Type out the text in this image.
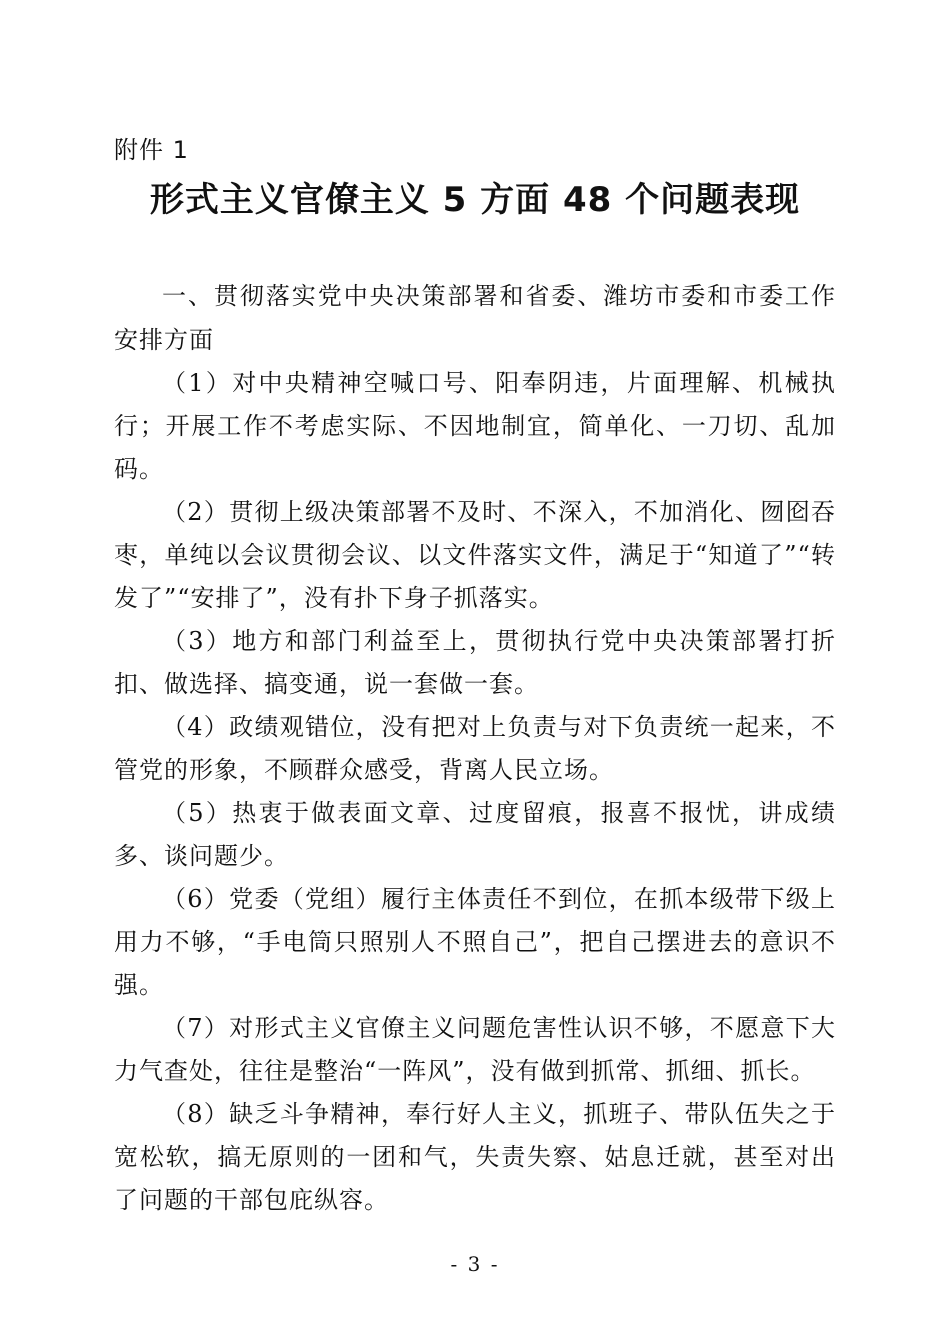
附件 1
形式主义官僚主义 5 方面 48 个问题表现

一、贯彻落实党中央决策部署和省委、潍坊市委和市委工作安排方面

（1）对中央精神空喊口号、阳奉阴违，片面理解、机械执行；开展工作不考虑实际、不因地制宜，简单化、一刀切、乱加码。

（2）贯彻上级决策部署不及时、不深入，不加消化、囫囵吞枣，单纯以会议贯彻会议、以文件落实文件，满足于“知道了”“转发了”“安排了”，没有扑下身子抓落实。

（3）地方和部门利益至上，贯彻执行党中央决策部署打折扣、做选择、搞变通，说一套做一套。

（4）政绩观错位，没有把对上负责与对下负责统一起来，不管党的形象，不顾群众感受，背离人民立场。

（5）热衷于做表面文章、过度留痕，报喜不报忧，讲成绩多、谈问题少。

（6）党委（党组）履行主体责任不到位，在抓本级带下级上用力不够，“手电筒只照别人不照自己”，把自己摆进去的意识不强。

（7）对形式主义官僚主义问题危害性认识不够，不愿意下大力气查处，往往是整治“一阵风”，没有做到抓常、抓细、抓长。

（8）缺乏斗争精神，奉行好人主义，抓班子、带队伍失之于宽松软，搞无原则的一团和气，失责失察、姑息迁就，甚至对出了问题的干部包庇纵容。

- 3 -
